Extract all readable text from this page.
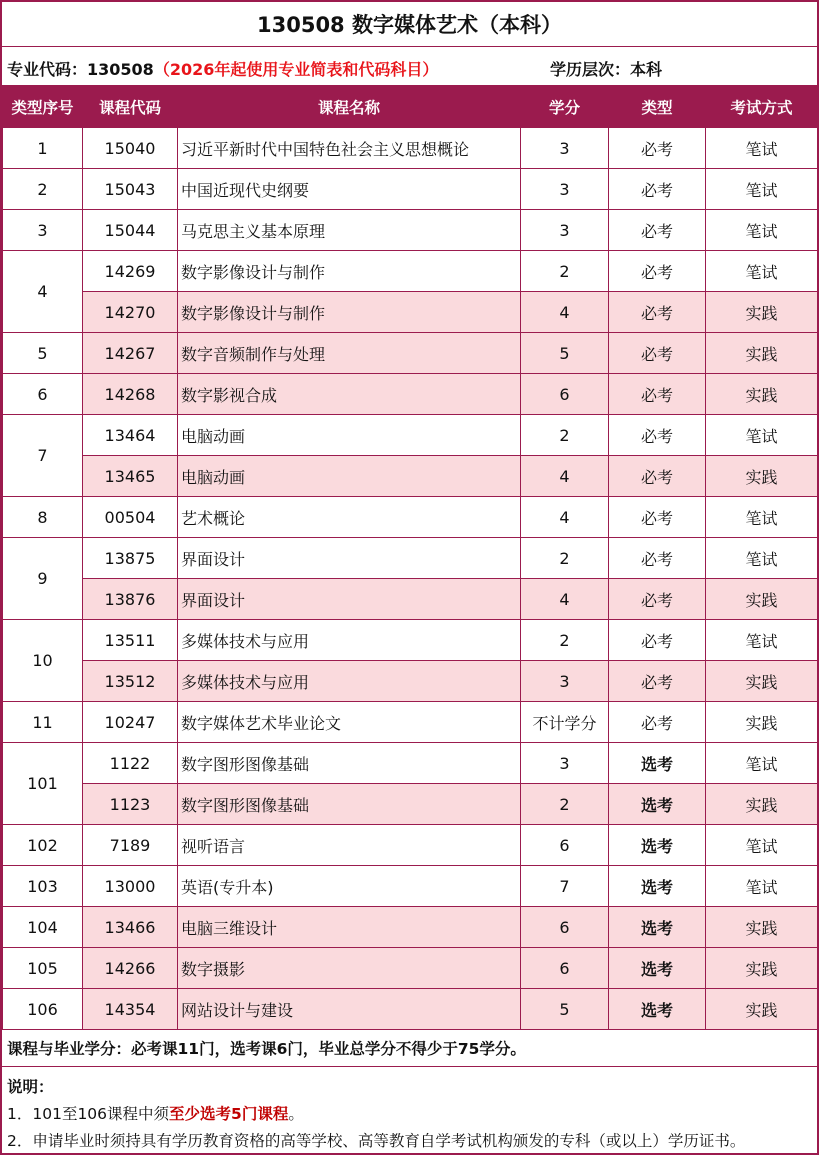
130508 数字媒体艺术（本科）
专业代码：130508（2026年起使用专业简表和代码科目）	学历层次：本科
类型序号	课程代码	课程名称	学分	类型	考试方式
1	15040	习近平新时代中国特色社会主义思想概论	3	必考	笔试
2	15043	中国近现代史纲要	3	必考	笔试
3	15044	马克思主义基本原理	3	必考	笔试
4	14269	数字影像设计与制作	2	必考	笔试
	14270	数字影像设计与制作	4	必考	实践
5	14267	数字音频制作与处理	5	必考	实践
6	14268	数字影视合成	6	必考	实践
7	13464	电脑动画	2	必考	笔试
	13465	电脑动画	4	必考	实践
8	00504	艺术概论	4	必考	笔试
9	13875	界面设计	2	必考	笔试
	13876	界面设计	4	必考	实践
10	13511	多媒体技术与应用	2	必考	笔试
	13512	多媒体技术与应用	3	必考	实践
11	10247	数字媒体艺术毕业论文	不计学分	必考	实践
101	1122	数字图形图像基础	3	选考	笔试
	1123	数字图形图像基础	2	选考	实践
102	7189	视听语言	6	选考	笔试
103	13000	英语(专升本)	7	选考	笔试
104	13466	电脑三维设计	6	选考	实践
105	14266	数字摄影	6	选考	实践
106	14354	网站设计与建设	5	选考	实践
课程与毕业学分：必考课11门，选考课6门，毕业总学分不得少于75学分。
说明：
1．101至106课程中须至少选考5门课程。
2．申请毕业时须持具有学历教育资格的高等学校、高等教育自学考试机构颁发的专科（或以上）学历证书。
